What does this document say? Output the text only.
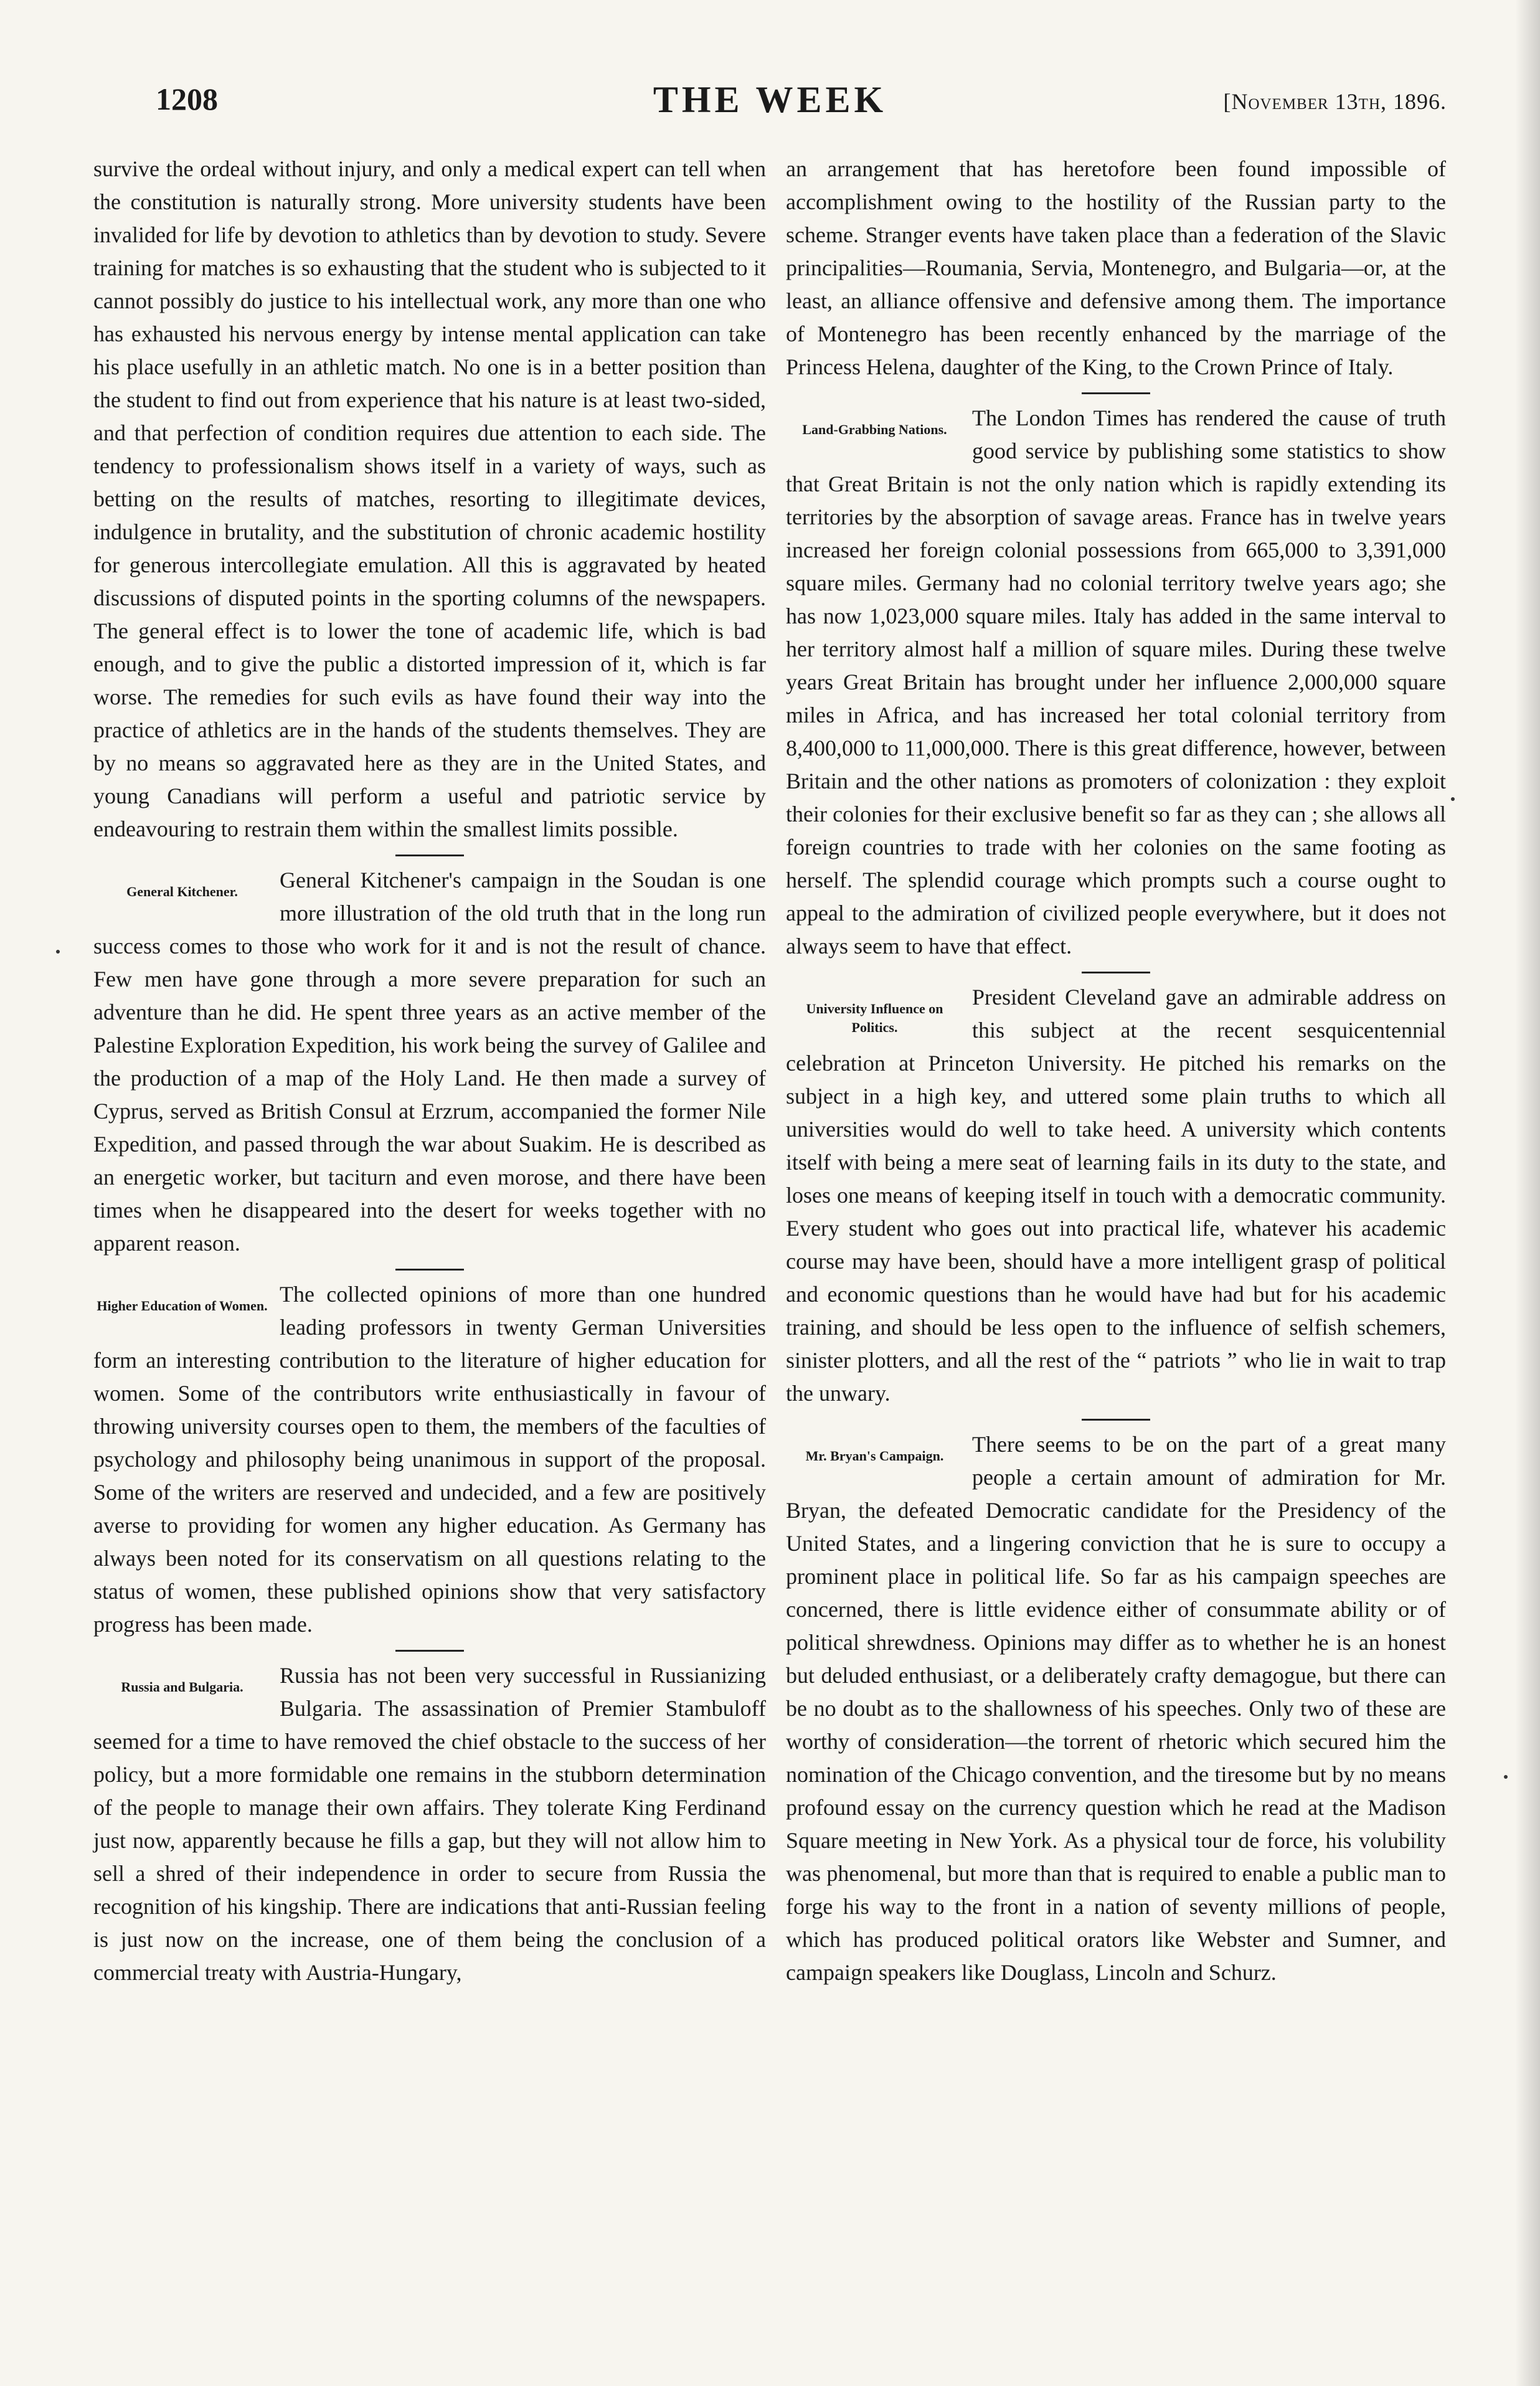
1208	THE WEEK	[November 13th, 1896.

survive the ordeal without injury, and only a medical expert can tell when the constitution is naturally strong. More university students have been invalided for life by devotion to athletics than by devotion to study. Severe training for matches is so exhausting that the student who is subjected to it cannot possibly do justice to his intellectual work, any more than one who has exhausted his nervous energy by intense mental application can take his place usefully in an athletic match. No one is in a better position than the student to find out from experience that his nature is at least two-sided, and that perfection of condition requires due attention to each side. The tendency to professionalism shows itself in a variety of ways, such as betting on the results of matches, resorting to illegitimate devices, indulgence in brutality, and the substitution of chronic academic hostility for generous intercollegiate emulation. All this is aggravated by heated discussions of disputed points in the sporting columns of the newspapers. The general effect is to lower the tone of academic life, which is bad enough, and to give the public a distorted impression of it, which is far worse. The remedies for such evils as have found their way into the practice of athletics are in the hands of the students themselves. They are by no means so aggravated here as they are in the United States, and young Canadians will perform a useful and patriotic service by endeavouring to restrain them within the smallest limits possible.

General Kitchener.	General Kitchener's campaign in the Soudan is one more illustration of the old truth that in the long run success comes to those who work for it and is not the result of chance. Few men have gone through a more severe preparation for such an adventure than he did. He spent three years as an active member of the Palestine Exploration Expedition, his work being the survey of Galilee and the production of a map of the Holy Land. He then made a survey of Cyprus, served as British Consul at Erzrum, accompanied the former Nile Expedition, and passed through the war about Suakim. He is described as an energetic worker, but taciturn and even morose, and there have been times when he disappeared into the desert for weeks together with no apparent reason.

Higher Education of Women. The collected opinions of more than one hundred leading professors in twenty German Universities form an interesting contribution to the literature of higher education for women. Some of the contributors write enthusiastically in favour of throwing university courses open to them, the members of the faculties of psychology and philosophy being unanimous in support of the proposal. Some of the writers are reserved and undecided, and a few are positively averse to providing for women any higher education. As Germany has always been noted for its conservatism on all questions relating to the status of women, these published opinions show that very satisfactory progress has been made.

Russia and Bulgaria.	Russia has not been very successful in Russianizing Bulgaria. The assassination of Premier Stambuloff seemed for a time to have removed the chief obstacle to the success of her policy, but a more formidable one remains in the stubborn determination of the people to manage their own affairs. They tolerate King Ferdinand just now, apparently because he fills a gap, but they will not allow him to sell a shred of their independence in order to secure from Russia the recognition of his kingship. There are indications that anti-Russian feeling is just now on the increase, one of them being the conclusion of a commercial treaty with Austria-Hungary,

an arrangement that has heretofore been found impossible of accomplishment owing to the hostility of the Russian party to the scheme. Stranger events have taken place than a federation of the Slavic principalities—Roumania, Servia, Montenegro, and Bulgaria—or, at the least, an alliance offensive and defensive among them. The importance of Montenegro has been recently enhanced by the marriage of the Princess Helena, daughter of the King, to the Crown Prince of Italy.

Land-Grabbing Nations.	The London Times has rendered the cause of truth good service by publishing some statistics to show that Great Britain is not the only nation which is rapidly extending its territories by the absorption of savage areas. France has in twelve years increased her foreign colonial possessions from 665,000 to 3,391,000 square miles. Germany had no colonial territory twelve years ago; she has now 1,023,000 square miles. Italy has added in the same interval to her territory almost half a million of square miles. During these twelve years Great Britain has brought under her influence 2,000,000 square miles in Africa, and has increased her total colonial territory from 8,400,000 to 11,000,000. There is this great difference, however, between Britain and the other nations as promoters of colonization : they exploit their colonies for their exclusive benefit so far as they can ; she allows all foreign countries to trade with her colonies on the same footing as herself. The splendid courage which prompts such a course ought to appeal to the admiration of civilized people everywhere, but it does not always seem to have that effect.

University Influence on Politics.

President Cleveland gave an admirable address on this subject at the recent sesquicentennial celebration at Princeton University. He pitched his remarks on the subject in a high key, and uttered some plain truths to which all universities would do well to take heed. A university which contents itself with being a mere seat of learning fails in its duty to the state, and loses one means of keeping itself in touch with a democratic community. Every student who goes out into practical life, whatever his academic course may have been, should have a more intelligent grasp of political and economic questions than he would have had but for his academic training, and should be less open to the influence of selfish schemers, sinister plotters, and all the rest of the “ patriots ” who lie in wait to trap the unwary.

Mr. Bryan's Campaign.	There seems to be on the part of a great many people a certain amount of admiration for Mr. Bryan, the defeated Democratic candidate for the Presidency of the United States, and a lingering conviction that he is sure to occupy a prominent place in political life. So far as his campaign speeches are concerned, there is little evidence either of consummate ability or of political shrewdness. Opinions may differ as to whether he is an honest but deluded enthusiast, or a deliberately crafty demagogue, but there can be no doubt as to the shallowness of his speeches. Only two of these are worthy of consideration—the torrent of rhetoric which secured him the nomination of the Chicago convention, and the tiresome but by no means profound essay on the currency question which he read at the Madison Square meeting in New York. As a physical tour de force, his volubility was phenomenal, but more than that is required to enable a public man to forge his way to the front in a nation of seventy millions of people, which has produced political orators like Webster and Sumner, and campaign speakers like Douglass, Lincoln and Schurz.
